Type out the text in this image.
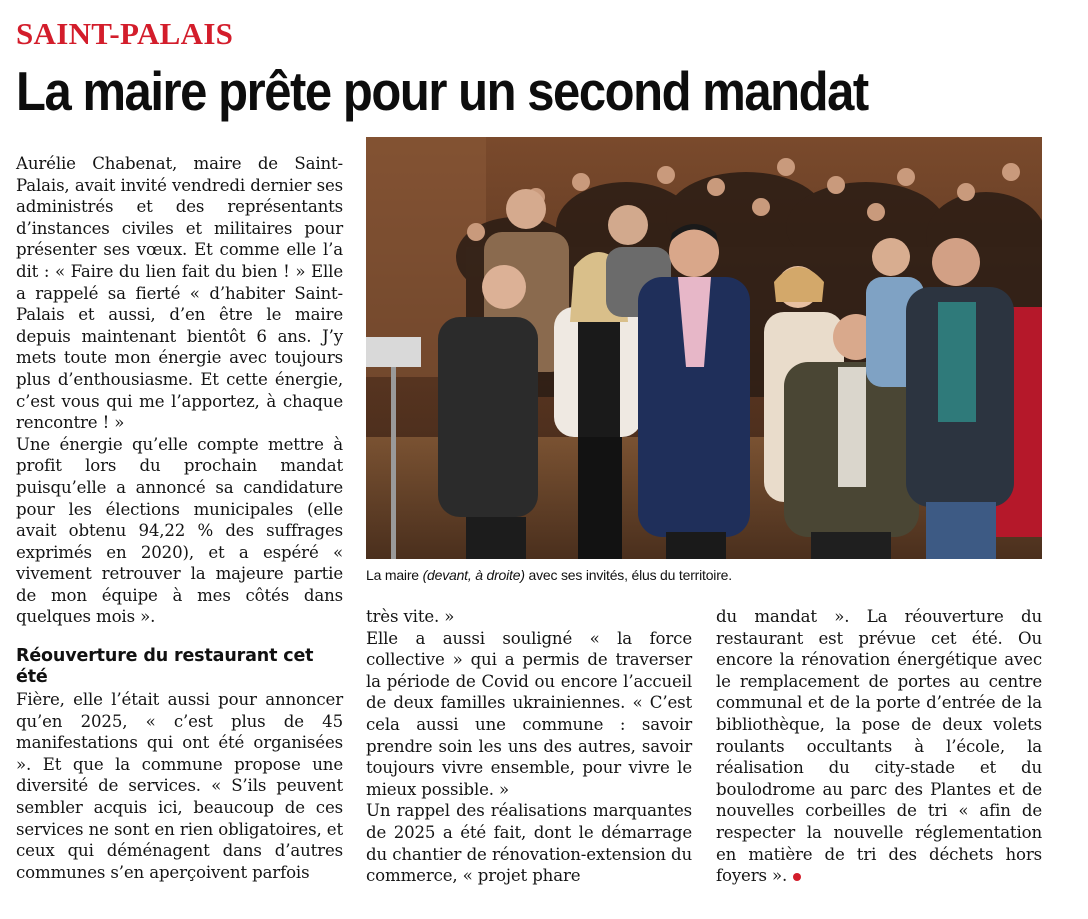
SAINT-PALAIS
La maire prête pour un second mandat

Aurélie Chabenat, maire de Saint-Palais, avait invité vendredi dernier ses administrés et des représentants d’instances civiles et militaires pour présenter ses vœux. Et comme elle l’a dit : « Faire du lien fait du bien ! » Elle a rappelé sa fierté « d’habiter Saint-Palais et aussi, d’en être le maire depuis maintenant bientôt 6 ans. J’y mets toute mon énergie avec toujours plus d’enthousiasme. Et cette énergie, c’est vous qui me l’apportez, à chaque rencontre ! »

Une énergie qu’elle compte mettre à profit lors du prochain mandat puisqu’elle a annoncé sa candidature pour les élections municipales (elle avait obtenu 94,22 % des suffrages exprimés en 2020), et a espéré « vivement retrouver la majeure partie de mon équipe à mes côtés dans quelques mois ».

Réouverture du restaurant cet été

Fière, elle l’était aussi pour annoncer qu’en 2025, « c’est plus de 45 manifestations qui ont été organisées ». Et que la commune propose une diversité de services. « S’ils peuvent sembler acquis ici, beaucoup de ces services ne sont en rien obligatoires, et ceux qui déménagent dans d’autres communes s’en aperçoivent parfois

La maire (devant, à droite) avec ses invités, élus du territoire.

très vite. »

Elle a aussi souligné « la force collective » qui a permis de traverser la période de Covid ou encore l’accueil de deux familles ukrainiennes. « C’est cela aussi une commune : savoir prendre soin les uns des autres, savoir toujours vivre ensemble, pour vivre le mieux possible. »

Un rappel des réalisations marquantes de 2025 a été fait, dont le démarrage du chantier de rénovation-extension du commerce, « projet phare

du mandat ». La réouverture du restaurant est prévue cet été. Ou encore la rénovation énergétique avec le remplacement de portes au centre communal et de la porte d’entrée de la bibliothèque, la pose de deux volets roulants occultants à l’école, la réalisation du city-stade et du boulodrome au parc des Plantes et de nouvelles corbeilles de tri « afin de respecter la nouvelle réglementation en matière de tri des déchets hors foyers ».
